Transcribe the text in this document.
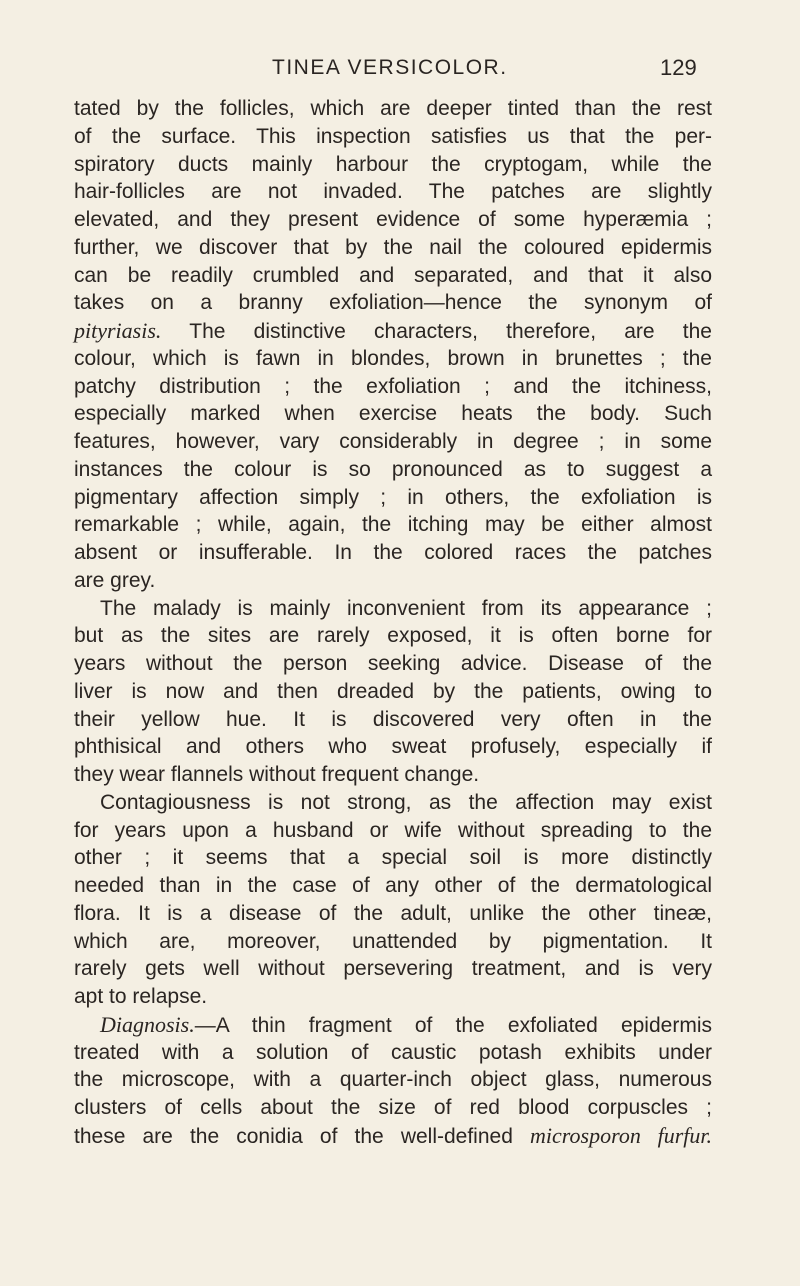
TINEA VERSICOLOR.	129
tated by the follicles, which are deeper tinted than the rest
of the surface. This inspection satisfies us that the per-
spiratory ducts mainly harbour the cryptogam, while the
hair-follicles are not invaded. The patches are slightly
elevated, and they present evidence of some hyperæmia ;
further, we discover that by the nail the coloured epidermis
can be readily crumbled and separated, and that it also
takes on a branny exfoliation—hence the synonym of
pityriasis. The distinctive characters, therefore, are the
colour, which is fawn in blondes, brown in brunettes ; the
patchy distribution ; the exfoliation ; and the itchiness,
especially marked when exercise heats the body. Such
features, however, vary considerably in degree ; in some
instances the colour is so pronounced as to suggest a
pigmentary affection simply ; in others, the exfoliation is
remarkable ; while, again, the itching may be either almost
absent or insufferable. In the colored races the patches
are grey.
The malady is mainly inconvenient from its appearance ;
but as the sites are rarely exposed, it is often borne for
years without the person seeking advice. Disease of the
liver is now and then dreaded by the patients, owing to
their yellow hue. It is discovered very often in the
phthisical and others who sweat profusely, especially if
they wear flannels without frequent change.
Contagiousness is not strong, as the affection may exist
for years upon a husband or wife without spreading to the
other ; it seems that a special soil is more distinctly
needed than in the case of any other of the dermatological
flora. It is a disease of the adult, unlike the other tineæ,
which are, moreover, unattended by pigmentation. It
rarely gets well without persevering treatment, and is very
apt to relapse.
Diagnosis.—A thin fragment of the exfoliated epidermis
treated with a solution of caustic potash exhibits under
the microscope, with a quarter-inch object glass, numerous
clusters of cells about the size of red blood corpuscles ;
these are the conidia of the well-defined microsporon furfur.
